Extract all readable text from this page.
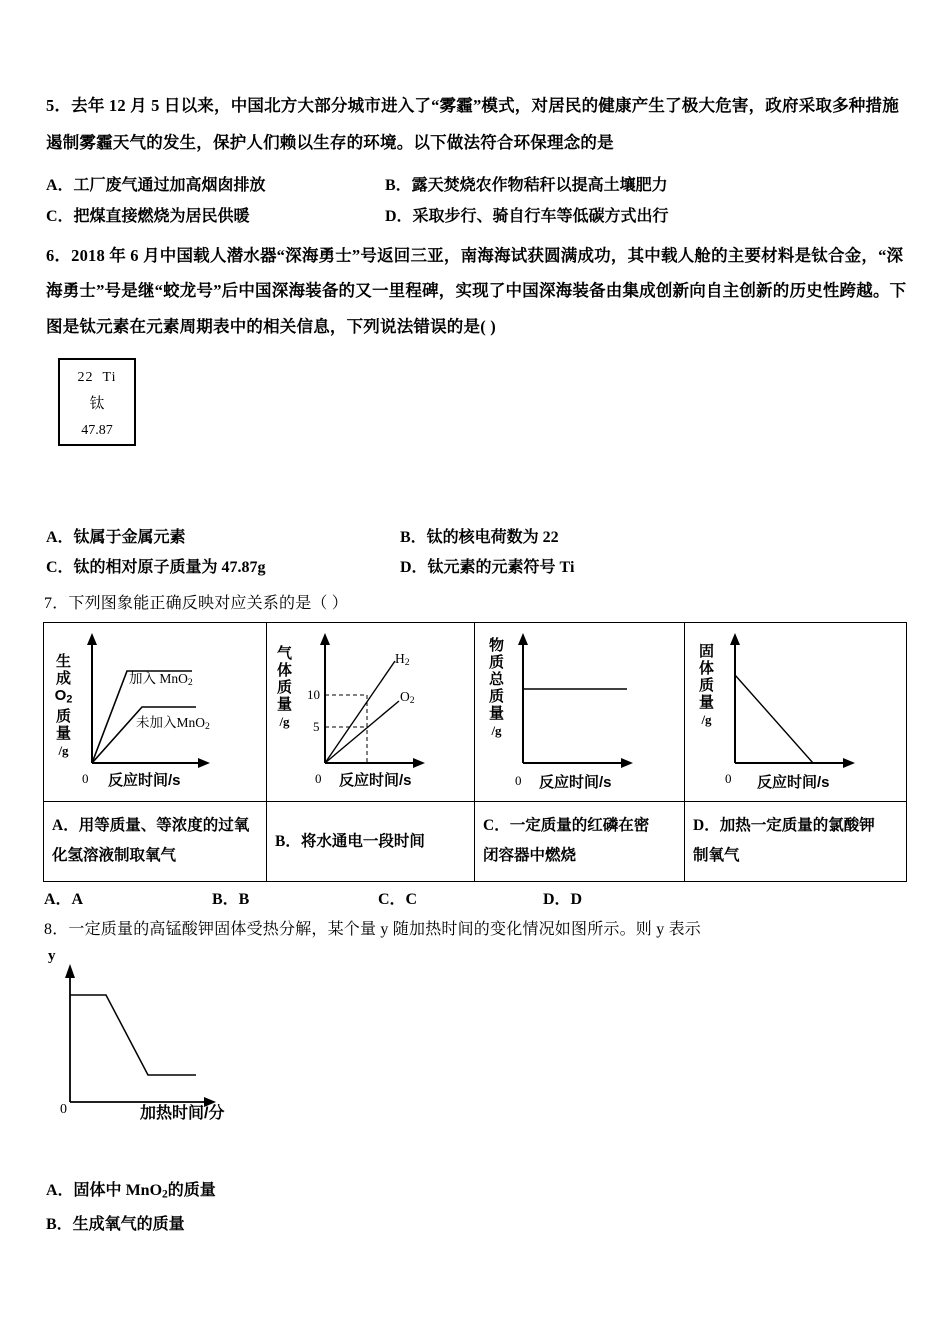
5．去年 12 月 5 日以来，中国北方大部分城市进入了“雾霾”模式，对居民的健康产生了极大危害，政府采取多种措施
遏制雾霾天气的发生，保护人们赖以生存的环境。以下做法符合环保理念的是
A．工厂废气通过加高烟囱排放	B．露天焚烧农作物秸秆以提高土壤肥力
C．把煤直接燃烧为居民供暖	D．采取步行、骑自行车等低碳方式出行
6．2018 年 6 月中国载人潜水器“深海勇士”号返回三亚，南海海试获圆满成功，其中载人舱的主要材料是钛合金，“深
海勇士”号是继“蛟龙号”后中国深海装备的又一里程碑，实现了中国深海装备由集成创新向自主创新的历史性跨越。下
图是钛元素在元素周期表中的相关信息，下列说法错误的是( )
22 Ti
钛
47.87
A．钛属于金属元素	B．钛的核电荷数为 22
C．钛的相对原子质量为 47.87g	D．钛元素的元素符号 Ti
7．下列图象能正确反映对应关系的是（ ）
生
成
$O_2$
质
量
/g
加入 MnO$_2$
未加入MnO$_2$
0 反应时间/s
气
体
质
量
/g
10
5
$H_2$
$O_2$
0 反应时间/s
物
质
总
质
量
/g
0 反应时间/s
固
体
质
量
/g
0 反应时间/s
A．用等质量、等浓度的过氧
化氢溶液制取氧气
B．将水通电一段时间
C．一定质量的红磷在密
闭容器中燃烧
D．加热一定质量的氯酸钾
制氧气
A．A	B．B	C．C	D．D
8．一定质量的高锰酸钾固体受热分解，某个量 y 随加热时间的变化情况如图所示。则 y 表示
y
0	加热时间/分
A．固体中 MnO$_2$的质量
B．生成氧气的质量
